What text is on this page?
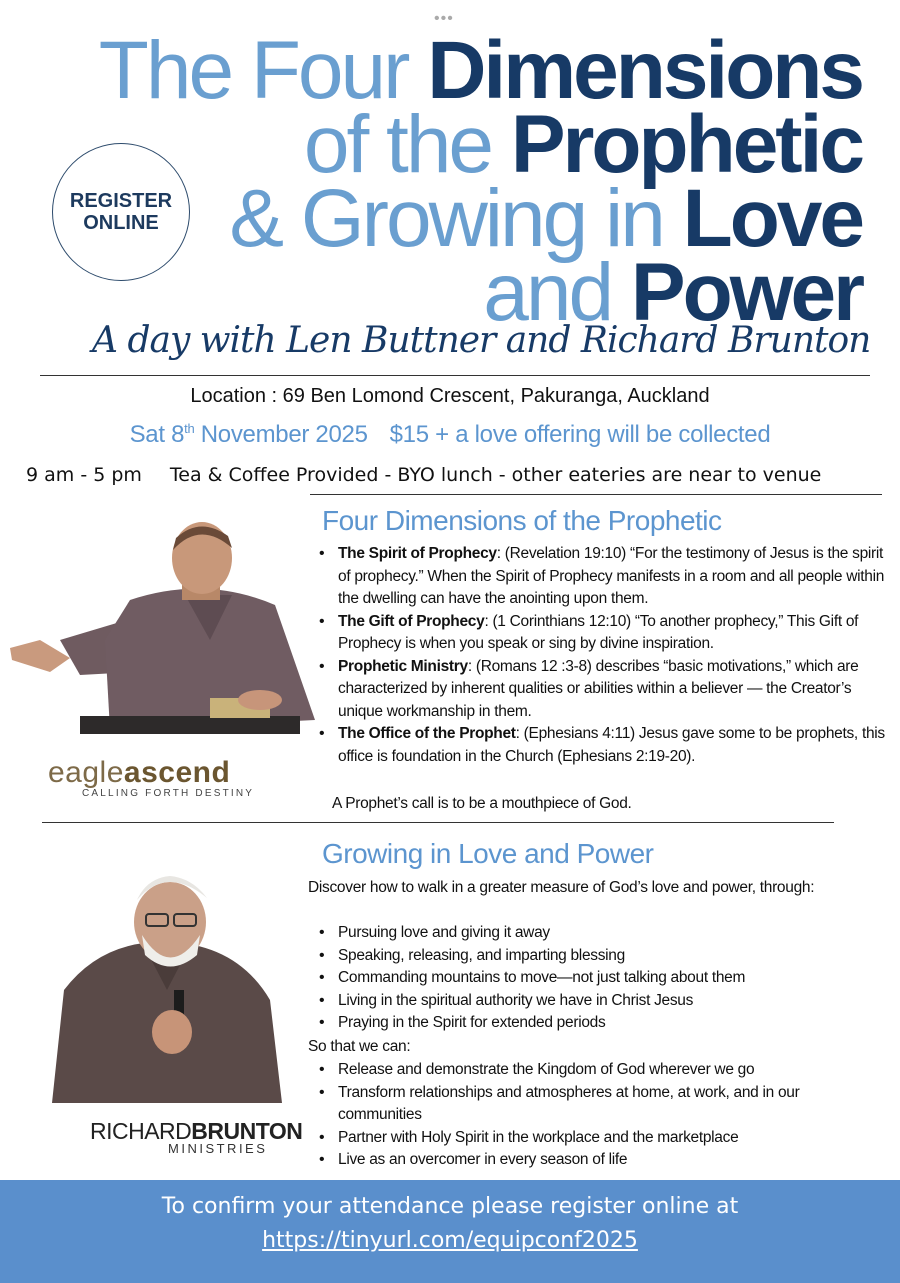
•••
The Four Dimensions
of the Prophetic
& Growing in Love
and Power
REGISTER
ONLINE
A day with Len Buttner and Richard Brunton
Location : 69 Ben Lomond Crescent, Pakuranga, Auckland
Sat 8th November 2025 $15 + a love offering will be collected
9 am - 5 pm Tea & Coffee Provided - BYO lunch - other eateries are near to venue
Four Dimensions of the Prophetic
eagleascend
CALLING FORTH DESTINY
• The Spirit of Prophecy: (Revelation 19:10) “For the testimony of Jesus is the spirit of prophecy.” When the Spirit of Prophecy manifests in a room and all people within the dwelling can have the anointing upon them.
• The Gift of Prophecy: (1 Corinthians 12:10) “To another prophecy,” This Gift of Prophecy is when you speak or sing by divine inspiration.
• Prophetic Ministry: (Romans 12 :3-8) describes “basic motivations,” which are characterized by inherent qualities or abilities within a believer — the Creator’s unique workmanship in them.
• The Office of the Prophet: (Ephesians 4:11) Jesus gave some to be prophets, this office is foundation in the Church (Ephesians 2:19-20).
A Prophet’s call is to be a mouthpiece of God.
Growing in Love and Power
RICHARDBRUNTON
MINISTRIES
Discover how to walk in a greater measure of God’s love and power, through:
• Pursuing love and giving it away
• Speaking, releasing, and imparting blessing
• Commanding mountains to move—not just talking about them
• Living in the spiritual authority we have in Christ Jesus
• Praying in the Spirit for extended periods
So that we can:
• Release and demonstrate the Kingdom of God wherever we go
• Transform relationships and atmospheres at home, at work, and in our communities
• Partner with Holy Spirit in the workplace and the marketplace
• Live as an overcomer in every season of life
To confirm your attendance please register online at
https://tinyurl.com/equipconf2025
